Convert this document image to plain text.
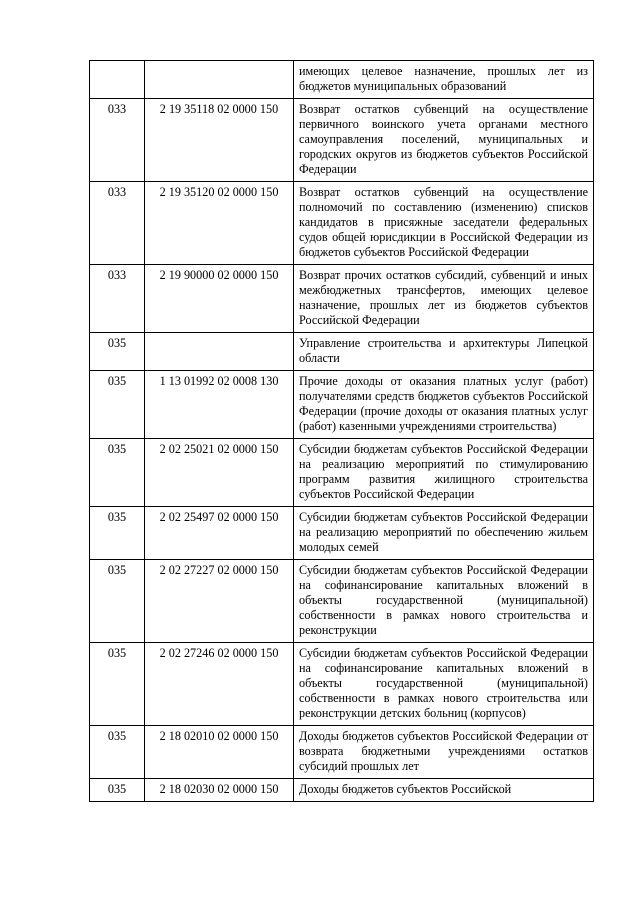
		имеющих целевое назначение, прошлых лет из бюджетов муниципальных образований
033	2 19 35118 02 0000 150	Возврат остатков субвенций на осуществление первичного воинского учета органами местного самоуправления поселений, муниципальных и городских округов из бюджетов субъектов Российской Федерации
033	2 19 35120 02 0000 150	Возврат остатков субвенций на осуществление полномочий по составлению (изменению) списков кандидатов в присяжные заседатели федеральных судов общей юрисдикции в Российской Федерации из бюджетов субъектов Российской Федерации
033	2 19 90000 02 0000 150	Возврат прочих остатков субсидий, субвенций и иных межбюджетных трансфертов, имеющих целевое назначение, прошлых лет из бюджетов субъектов Российской Федерации
035		Управление строительства и архитектуры Липецкой области
035	1 13 01992 02 0008 130	Прочие доходы от оказания платных услуг (работ) получателями средств бюджетов субъектов Российской Федерации (прочие доходы от оказания платных услуг (работ) казенными учреждениями строительства)
035	2 02 25021 02 0000 150	Субсидии бюджетам субъектов Российской Федерации на реализацию мероприятий по стимулированию программ развития жилищного строительства субъектов Российской Федерации
035	2 02 25497 02 0000 150	Субсидии бюджетам субъектов Российской Федерации на реализацию мероприятий по обеспечению жильем молодых семей
035	2 02 27227 02 0000 150	Субсидии бюджетам субъектов Российской Федерации на софинансирование капитальных вложений в объекты государственной (муниципальной) собственности в рамках нового строительства и реконструкции
035	2 02 27246 02 0000 150	Субсидии бюджетам субъектов Российской Федерации на софинансирование капитальных вложений в объекты государственной (муниципальной) собственности в рамках нового строительства или реконструкции детских больниц (корпусов)
035	2 18 02010 02 0000 150	Доходы бюджетов субъектов Российской Федерации от возврата бюджетными учреждениями остатков субсидий прошлых лет
035	2 18 02030 02 0000 150	Доходы бюджетов субъектов Российской
